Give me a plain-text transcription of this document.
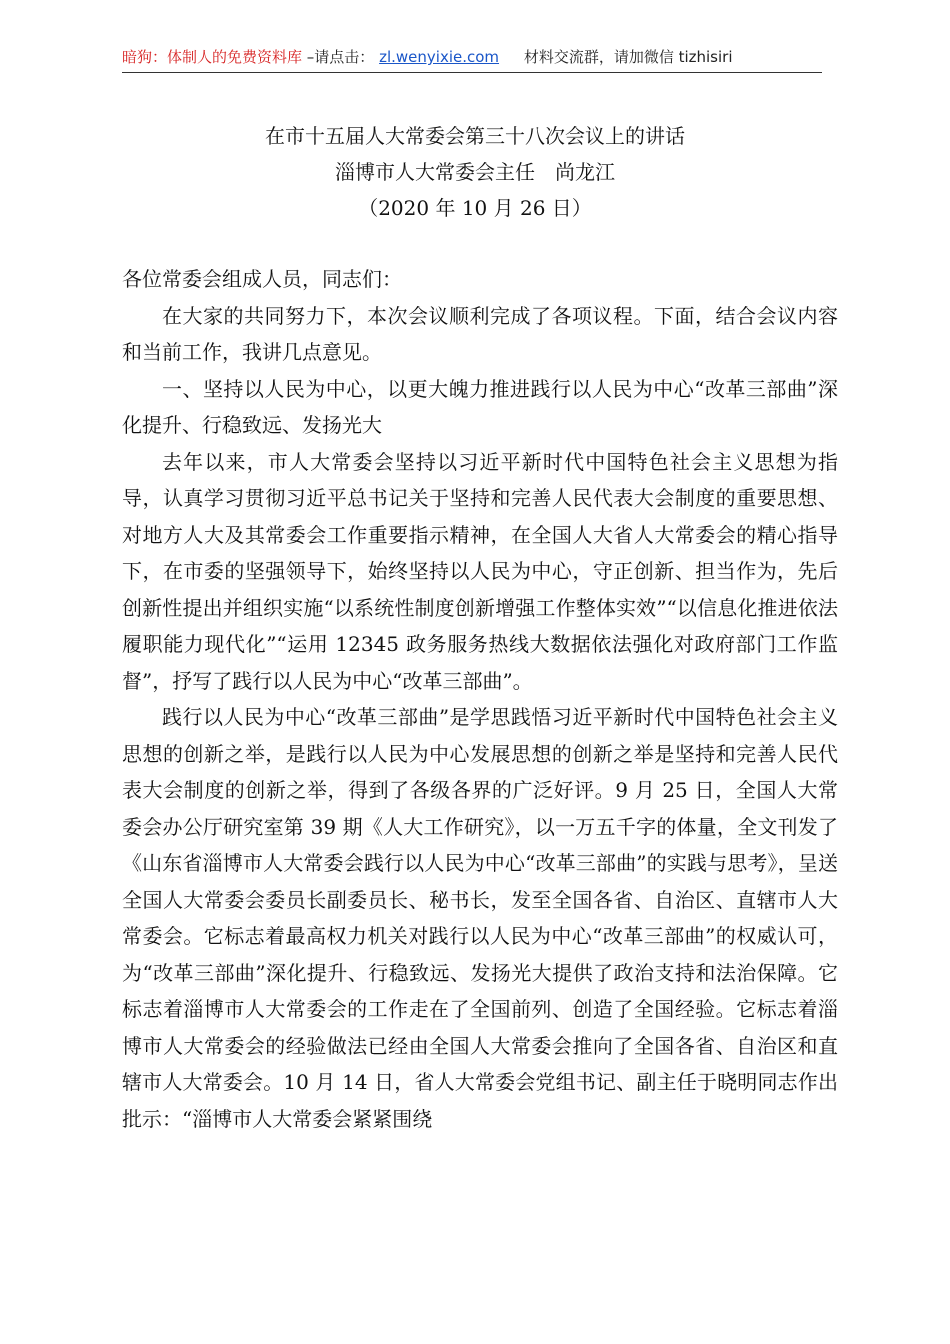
暗狗：体制人的免费资料库 –请点击： zl.wenyixie.com 材料交流群，请加微信 tizhisiri
在市十五届人大常委会第三十八次会议上的讲话
淄博市人大常委会主任　尚龙江
（2020 年 10 月 26 日）

各位常委会组成人员，同志们：

在大家的共同努力下，本次会议顺利完成了各项议程。下面，结合会议内容和当前工作，我讲几点意见。

一、坚持以人民为中心，以更大魄力推进践行以人民为中心“改革三部曲”深化提升、行稳致远、发扬光大

去年以来，市人大常委会坚持以习近平新时代中国特色社会主义思想为指导，认真学习贯彻习近平总书记关于坚持和完善人民代表大会制度的重要思想、对地方人大及其常委会工作重要指示精神，在全国人大省人大常委会的精心指导下，在市委的坚强领导下，始终坚持以人民为中心，守正创新、担当作为，先后创新性提出并组织实施“以系统性制度创新增强工作整体实效”“以信息化推进依法履职能力现代化”“运用 12345 政务服务热线大数据依法强化对政府部门工作监督”，抒写了践行以人民为中心“改革三部曲”。

践行以人民为中心“改革三部曲”是学思践悟习近平新时代中国特色社会主义思想的创新之举，是践行以人民为中心发展思想的创新之举是坚持和完善人民代表大会制度的创新之举，得到了各级各界的广泛好评。9 月 25 日，全国人大常委会办公厅研究室第 39 期《人大工作研究》，以一万五千字的体量，全文刊发了《山东省淄博市人大常委会践行以人民为中心“改革三部曲”的实践与思考》，呈送全国人大常委会委员长副委员长、秘书长，发至全国各省、自治区、直辖市人大常委会。它标志着最高权力机关对践行以人民为中心“改革三部曲”的权威认可，为“改革三部曲”深化提升、行稳致远、发扬光大提供了政治支持和法治保障。它标志着淄博市人大常委会的工作走在了全国前列、创造了全国经验。它标志着淄博市人大常委会的经验做法已经由全国人大常委会推向了全国各省、自治区和直辖市人大常委会。10 月 14 日，省人大常委会党组书记、副主任于晓明同志作出批示：“淄博市人大常委会紧紧围绕
